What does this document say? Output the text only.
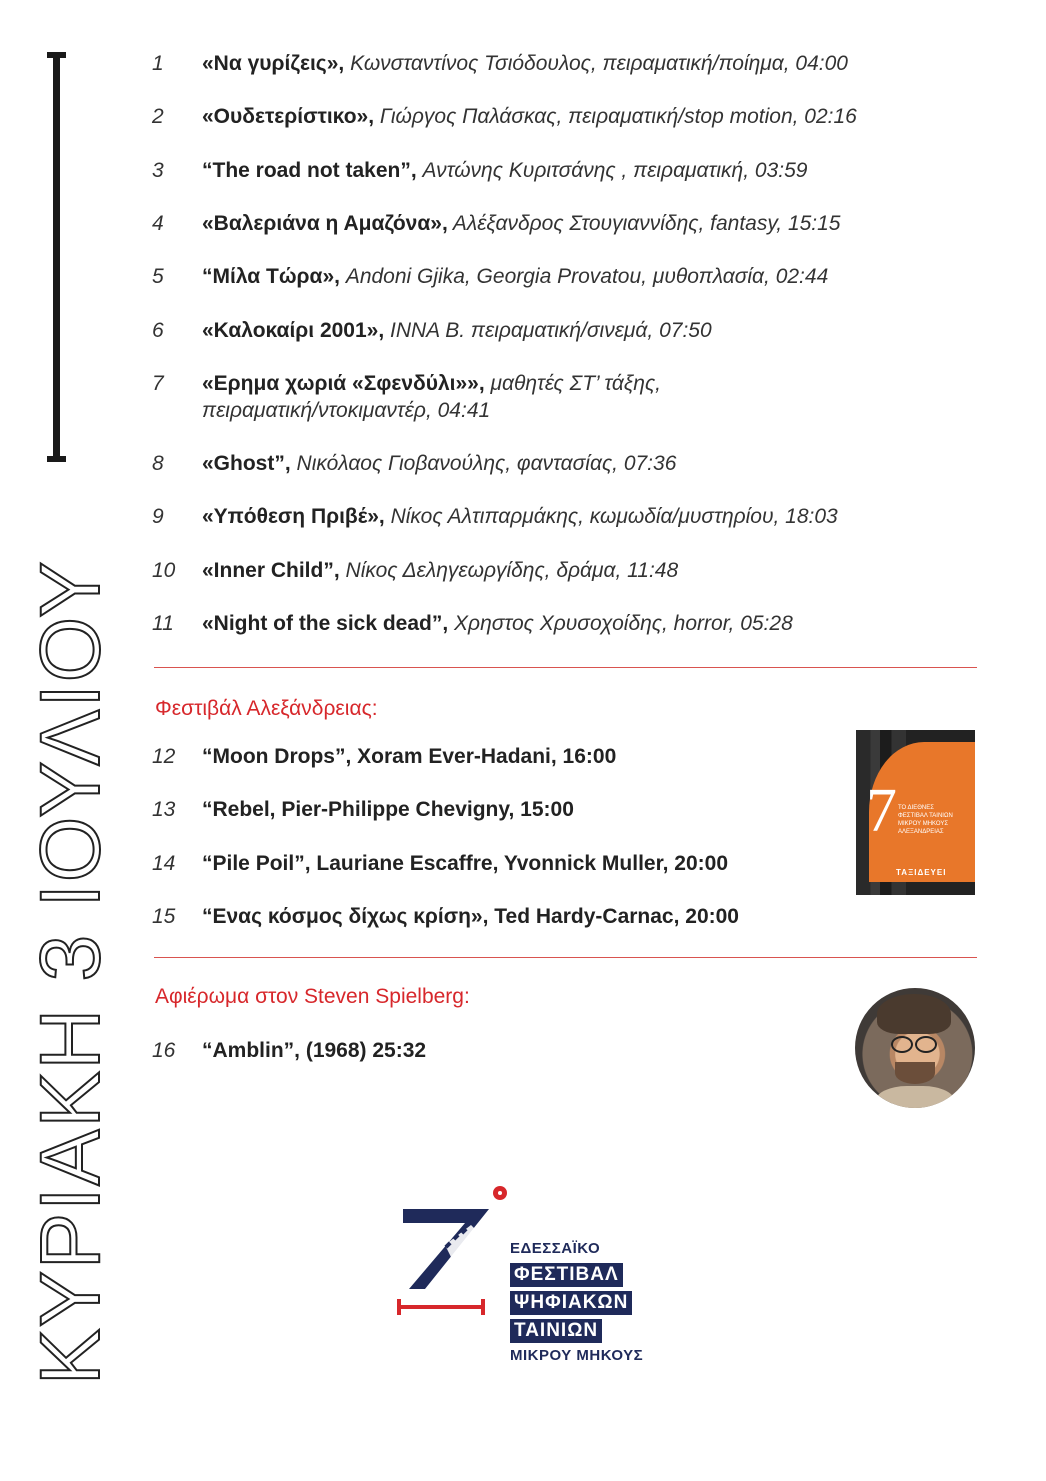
ΚΥΡΙΑΚΗ 3 ΙΟΥΛΙΟΥ
1	«Να γυρίζεις», Κωνσταντίνος Τσιόδουλος, πειραματική/ποίημα, 04:00
2	«Ουδετερίστικο», Γιώργος Παλάσκας, πειραματική/stop motion, 02:16
3	“The road not taken”, Αντώνης Κυριτσάνης , πειραματική, 03:59
4	«Βαλεριάνα η Αμαζόνα», Αλέξανδρος Στουγιαννίδης, fantasy, 15:15
5	“Μίλα Τώρα», Andoni Gjika, Georgia Provatou, μυθοπλασία, 02:44
6	«Καλοκαίρι 2001», ΙΝΝΑ Β. πειραματική/σινεμά, 07:50
7	«Ερημα χωριά «Σφενδύλι»», μαθητές ΣΤ’ τάξης,
πειραματική/ντοκιμαντέρ, 04:41
8	«Ghost”, Νικόλαος Γιοβανούλης, φαντασίας, 07:36
9	«Υπόθεση Πριβέ», Νίκος Αλτιπαρμάκης, κωμωδία/μυστηρίου, 18:03
10	«Inner Child”, Νίκος Δεληγεωργίδης, δράμα, 11:48
11	«Night of the sick dead”, Χρηστος Χρυσοχοίδης, horror, 05:28
Φεστιβάλ Αλεξάνδρειας:
12	“Moon Drops”, Xoram Ever-Hadani, 16:00
13	“Rebel, Pier-Philippe Chevigny, 15:00
14	“Pile Poil”, Lauriane Escaffre, Yvonnick Muller, 20:00
15	“Ενας κόσμος δίχως κρίση», Ted Hardy-Carnac, 20:00
7 ΤΟ ΔΙΕΘΝΕΣ ΦΕΣΤΙΒΑΛ ΤΑΙΝΙΩΝ ΜΙΚΡΟΥ ΜΗΚΟΥΣ ΑΛΕΞΑΝΔΡΕΙΑΣ
ΤΑΞΙΔΕΥΕΙ
Αφιέρωμα στον Steven Spielberg:
16	“Amblin”, (1968) 25:32
ΕΔΕΣΣΑΪΚΟ
ΦΕΣΤΙΒΑΛ
ΨΗΦΙΑΚΩΝ
ΤΑΙΝΙΩΝ
ΜΙΚΡΟΥ ΜΗΚΟΥΣ
